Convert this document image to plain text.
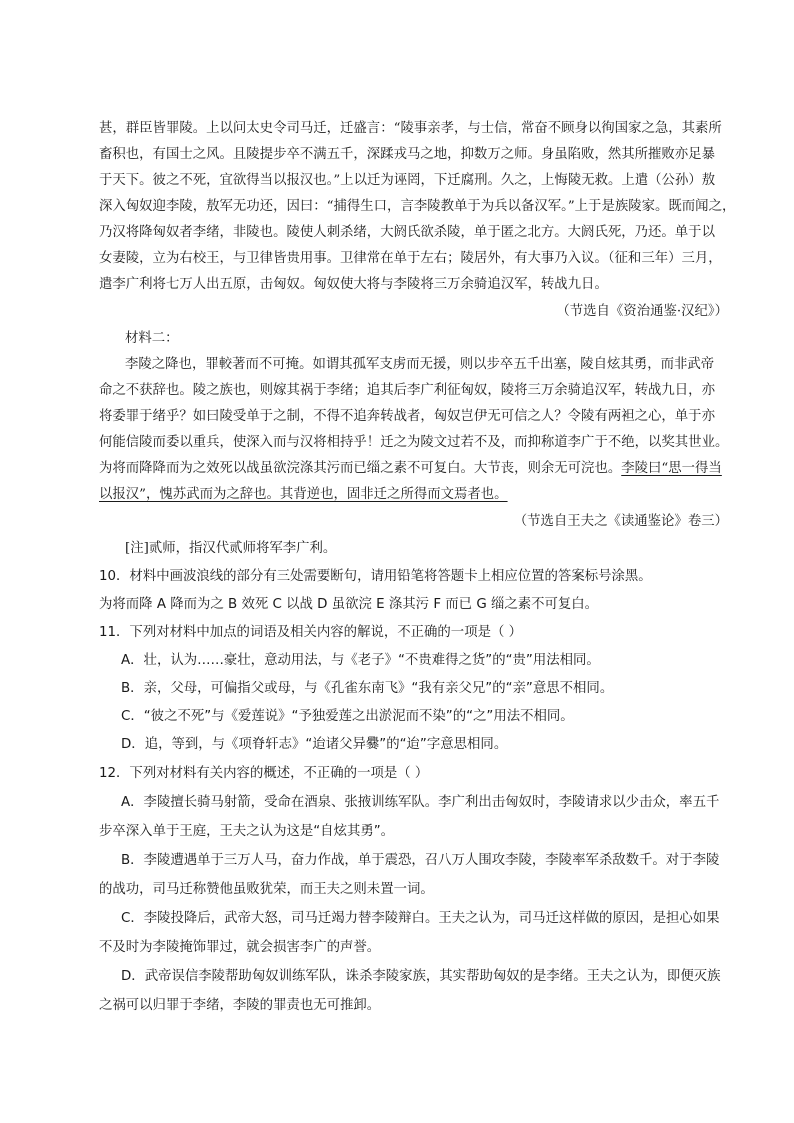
甚，群臣皆罪陵。上以问太史令司马迁，迁盛言：“陵事亲孝，与士信，常奋不顾身以徇国家之急，其素所
畜积也，有国士之风。且陵提步卒不满五千，深蹂戎马之地，抑数万之师。身虽陷败，然其所摧败亦足暴
于天下。彼之不死，宜欲得当以报汉也。”上以迁为诬罔，下迁腐刑。久之，上悔陵无救。上遣（公孙）敖
深入匈奴迎李陵，敖军无功还，因曰：“捕得生口，言李陵教单于为兵以备汉军。”上于是族陵家。既而闻之，
乃汉将降匈奴者李绪，非陵也。陵使人刺杀绪，大阏氏欲杀陵，单于匿之北方。大阏氏死，乃还。单于以
女妻陵，立为右校王，与卫律皆贵用事。卫律常在单于左右；陵居外，有大事乃入议。（征和三年）三月，
遣李广利将七万人出五原，击匈奴。匈奴使大将与李陵将三万余骑追汉军，转战九日。
（节选自《资治通鉴·汉纪》）
材料二：
李陵之降也，罪較著而不可掩。如谓其孤军支虏而无援，则以步卒五千出塞，陵自炫其勇，而非武帝
命之不获辞也。陵之族也，则嫁其祸于李绪；追其后李广利征匈奴，陵将三万余骑追汉军，转战九日，亦
将委罪于绪乎？如曰陵受单于之制，不得不追奔转战者，匈奴岂伊无可信之人？令陵有两袒之心，单于亦
何能信陵而委以重兵，使深入而与汉将相持乎！迁之为陵文过若不及，而抑称道李广于不绝，以奖其世业。
为将而降降而为之效死以战虽欲浣涤其污而已缁之素不可复白。大节丧，则余无可浣也。李陵曰“思一得当
以报汉”，愧苏武而为之辞也。其背逆也，固非迁之所得而文焉者也。
（节选自王夫之《读通鉴论》卷三）
[注]贰师，指汉代贰师将军李广利。
10．材料中画波浪线的部分有三处需要断句，请用铅笔将答题卡上相应位置的答案标号涂黑。
为将而降 A 降而为之 B 效死 C 以战 D 虽欲浣 E 涤其污 F 而已 G 缁之素不可复白。
11．下列对材料中加点的词语及相关内容的解说，不正确的一项是（ ）
A．壮，认为……豪壮，意动用法，与《老子》“不贵难得之货”的“贵”用法相同。
B．亲，父母，可偏指父或母，与《孔雀东南飞》“我有亲父兄”的“亲”意思不相同。
C．“彼之不死”与《爱莲说》“予独爱莲之出淤泥而不染”的“之”用法不相同。
D．追，等到，与《项脊轩志》“迨诸父异爨”的“迨”字意思相同。
12．下列对材料有关内容的概述，不正确的一项是（ ）
A．李陵擅长骑马射箭，受命在酒泉、张掖训练军队。李广利出击匈奴时，李陵请求以少击众，率五千
步卒深入单于王庭，王夫之认为这是“自炫其勇”。
B．李陵遭遇单于三万人马，奋力作战，单于震恐，召八万人围攻李陵，李陵率军杀敌数千。对于李陵
的战功，司马迁称赞他虽败犹荣，而王夫之则未置一词。
C．李陵投降后，武帝大怒，司马迁竭力替李陵辩白。王夫之认为，司马迁这样做的原因，是担心如果
不及时为李陵掩饰罪过，就会损害李广的声誉。
D．武帝误信李陵帮助匈奴训练军队，诛杀李陵家族，其实帮助匈奴的是李绪。王夫之认为，即便灭族
之祸可以归罪于李绪，李陵的罪责也无可推卸。
